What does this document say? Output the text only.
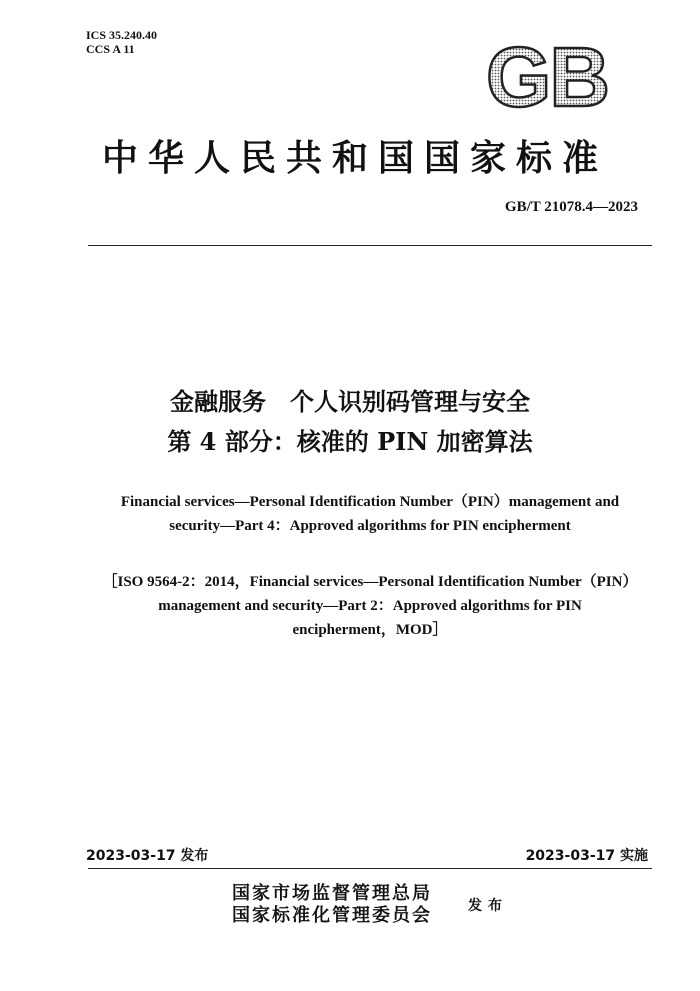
ICS 35.240.40
CCS A 11	GB
中华人民共和国国家标准
GB/T 21078.4—2023
金融服务　个人识别码管理与安全
第 4 部分：核准的 PIN 加密算法
Financial services—Personal Identification Number（PIN）management and
security—Part 4：Approved algorithms for PIN encipherment
［ISO 9564-2：2014，Financial services—Personal Identification Number（PIN）
management and security—Part 2：Approved algorithms for PIN
encipherment，MOD］
2023-03-17 发布	2023-03-17 实施
国家市场监督管理总局
国家标准化管理委员会	发布
